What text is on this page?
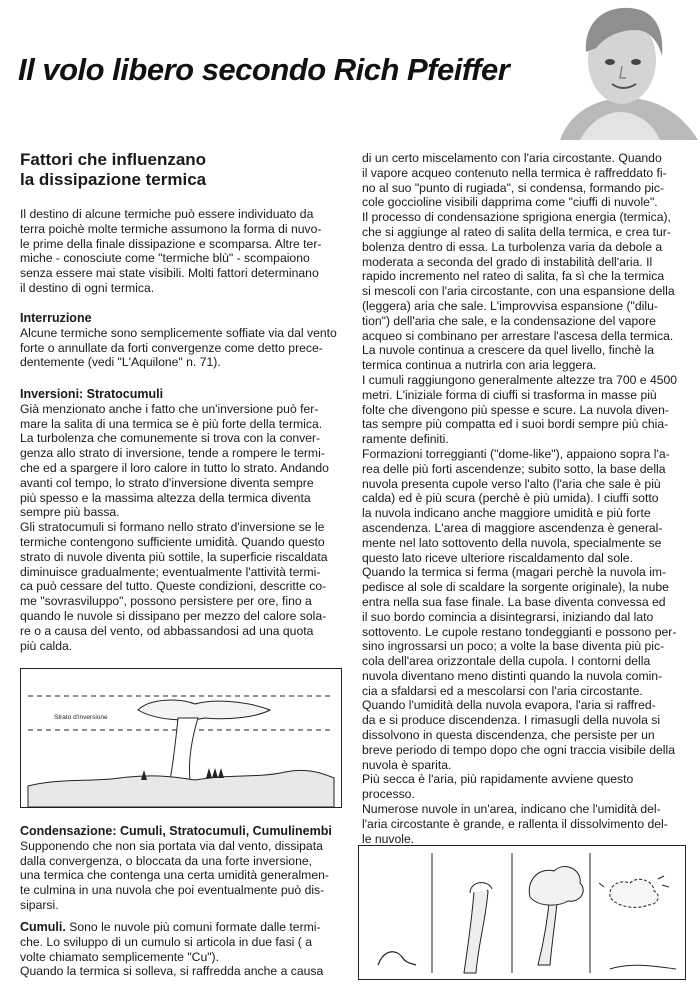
Il volo libero secondo Rich Pfeiffer
Fattori che influenzano
la dissipazione termica

Il destino di alcune termiche può essere individuato da

terra poichè molte termiche assumono la forma di nuvo-

le prime della finale dissipazione e scomparsa. Altre ter-

miche - conosciute come "termiche blù" - scompaiono

senza essere mai state visibili. Molti fattori determinano

il destino di ogni termica.

Interruzione

Alcune termiche sono semplicemente soffiate via dal vento

forte o annullate da forti convergenze come detto prece-

dentemente (vedi "L'Aquilone" n. 71).

Inversioni: Stratocumuli

Già menzionato anche i fatto che un'inversione può fer-

mare la salita di una termica se è più forte della termica.

La turbolenza che comunemente si trova con la conver-

genza allo strato di inversione, tende a rompere le termi-

che ed a spargere il loro calore in tutto lo strato. Andando

avanti col tempo, lo strato d'inversione diventa sempre

più spesso e la massima altezza della termica diventa

sempre più bassa.

Gli stratocumuli si formano nello strato d'inversione se le

termiche contengono sufficiente umidità. Quando questo

strato di nuvole diventa più sottile, la superficie riscaldata

diminuisce gradualmente; eventualmente l'attività termi-

ca può cessare del tutto. Queste condizioni, descritte co-

me "sovrasviluppo", possono persistere per ore, fino a

quando le nuvole si dissipano per mezzo del calore sola-

re o a causa del vento, od abbassandosi ad una quota

più calda.

Strato d'inversione

Condensazione: Cumuli, Stratocumuli, Cumulinembi

Supponendo che non sia portata via dal vento, dissipata

dalla convergenza, o bloccata da una forte inversione,

una termica che contenga una certa umidità generalmen-

te culmina in una nuvola che poi eventualmente può dis-

siparsi.

Cumuli. Sono le nuvole più comuni formate dalle termi-

che. Lo sviluppo di un cumulo si articola in due fasi ( a

volte chiamato semplicemente "Cu").

Quando la termica si solleva, si raffredda anche a causa

di un certo miscelamento con l'aria circostante. Quando

il vapore acqueo contenuto nella termica è raffreddato fi-

no al suo "punto di rugiada", si condensa, formando pic-

cole goccioline visibili dapprima come "ciuffi di nuvole".

Il processo di condensazione sprigiona energia (termica),

che si aggiunge al rateo di salita della termica, e crea tur-

bolenza dentro di essa. La turbolenza varia da debole a

moderata a seconda del grado di instabilità dell'aria. Il

rapido incremento nel rateo di salita, fa sì che la termica

si mescoli con l'aria circostante, con una espansione della

(leggera) aria che sale. L'improvvisa espansione ("dilu-

tion") dell'aria che sale, e la condensazione del vapore

acqueo si combinano per arrestare l'ascesa della termica.

La nuvole continua a crescere da quel livello, finchè la

termica continua a nutrirla con aria leggera.

I cumuli raggiungono generalmente altezze tra 700 e 4500

metri. L'iniziale forma di ciuffi si trasforma in masse più

folte che divengono più spesse e scure. La nuvola diven-

tas sempre più compatta ed i suoi bordi sempre più chia-

ramente definiti.

Formazioni torreggianti ("dome-like"), appaiono sopra l'a-

rea delle più forti ascendenze; subito sotto, la base della

nuvola presenta cupole verso l'alto (l'aria che sale è più

calda) ed è più scura (perchè è più umida). I ciuffi sotto

la nuvola indicano anche maggiore umidità e più forte

ascendenza. L'area di maggiore ascendenza è general-

mente nel lato sottovento della nuvola, specialmente se

questo lato riceve ulteriore riscaldamento dal sole.

Quando la termica si ferma (magari perchè la nuvola im-

pedisce al sole di scaldare la sorgente originale), la nube

entra nella sua fase finale. La base diventa convessa ed

il suo bordo comincia a disintegrarsi, iniziando dal lato

sottovento. Le cupole restano tondeggianti e possono per-

sino ingrossarsi un poco; a volte la base diventa più pic-

cola dell'area orizzontale della cupola. I contorni della

nuvola diventano meno distinti quando la nuvola comin-

cia a sfaldarsi ed a mescolarsi con l'aria circostante.

Quando l'umidità della nuvola evapora, l'aria si raffred-

da e si produce discendenza. I rimasugli della nuvola si

dissolvono in questa discendenza, che persiste per un

breve periodo di tempo dopo che ogni traccia visibile della

nuvola è sparita.

Più secca è l'aria, più rapidamente avviene questo

processo.

Numerose nuvole in un'area, indicano che l'umidità del-

l'aria circostante è grande, e rallenta il dissolvimento del-

le nuvole.
